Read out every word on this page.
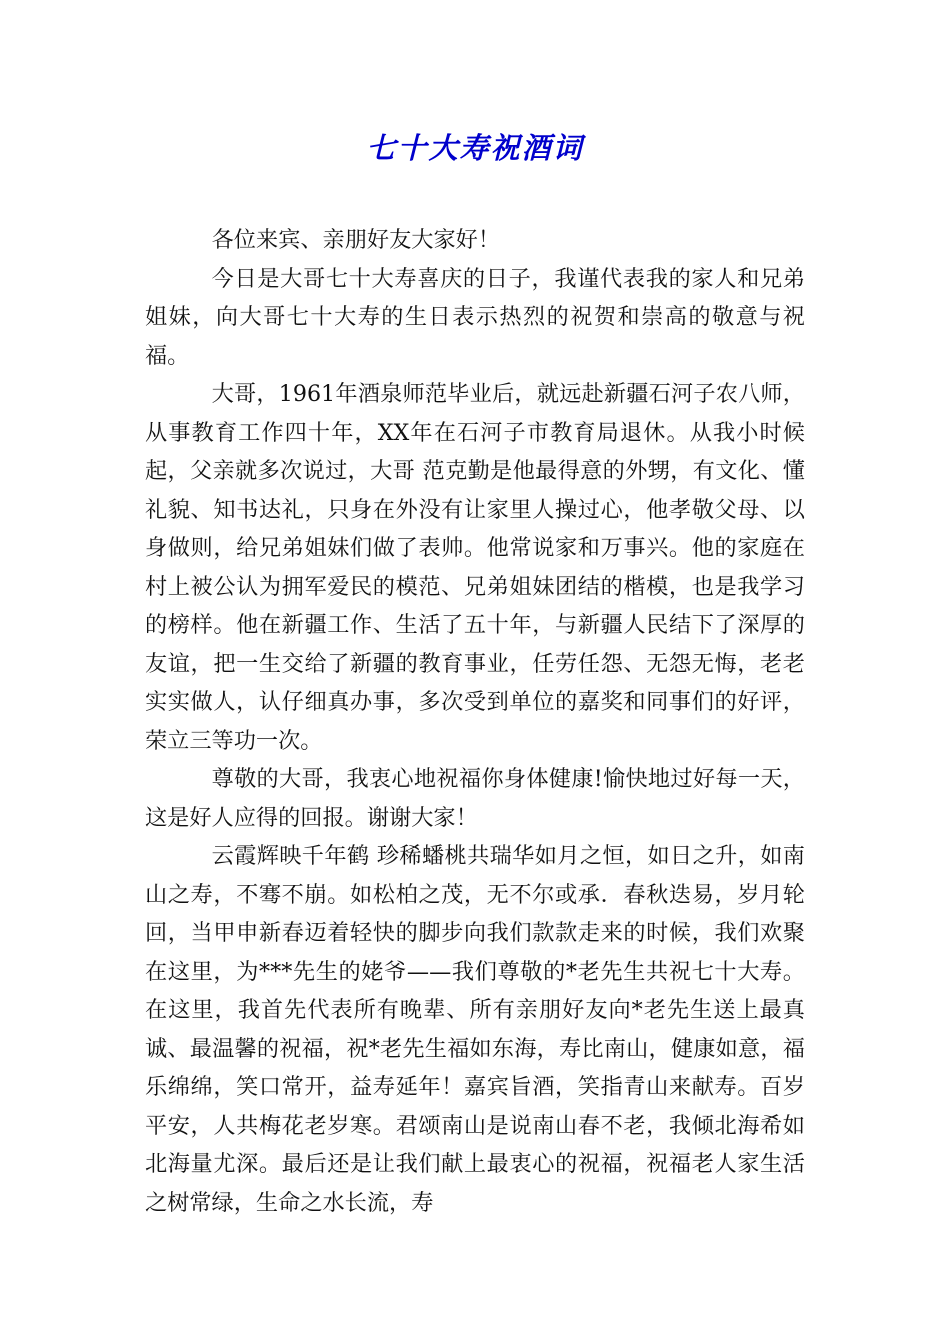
七十大寿祝酒词

各位来宾、亲朋好友大家好！

今日是大哥七十大寿喜庆的日子，我谨代表我的家人和兄弟姐妹，向大哥七十大寿的生日表示热烈的祝贺和崇高的敬意与祝福。

大哥，1961年酒泉师范毕业后，就远赴新疆石河子农八师，从事教育工作四十年，XX年在石河子市教育局退休。从我小时候起，父亲就多次说过，大哥 范克勤是他最得意的外甥，有文化、懂礼貌、知书达礼，只身在外没有让家里人操过心，他孝敬父母、以身做则，给兄弟姐妹们做了表帅。他常说家和万事兴。他的家庭在村上被公认为拥军爱民的模范、兄弟姐妹团结的楷模，也是我学习的榜样。他在新疆工作、生活了五十年，与新疆人民结下了深厚的友谊，把一生交给了新疆的教育事业，任劳任怨、无怨无悔，老老实实做人，认仔细真办事，多次受到单位的嘉奖和同事们的好评，荣立三等功一次。

尊敬的大哥，我衷心地祝福你身体健康!愉快地过好每一天，这是好人应得的回报。谢谢大家！

云霞辉映千年鹤 珍稀蟠桃共瑞华如月之恒，如日之升，如南山之寿，不骞不崩。如松柏之茂，无不尔或承．春秋迭易，岁月轮回，当甲申新春迈着轻快的脚步向我们款款走来的时候，我们欢聚在这里，为***先生的姥爷——我们尊敬的*老先生共祝七十大寿。在这里，我首先代表所有晚辈、所有亲朋好友向*老先生送上最真诚、最温馨的祝福，祝*老先生福如东海，寿比南山，健康如意，福乐绵绵，笑口常开，益寿延年！嘉宾旨酒，笑指青山来献寿。百岁平安，人共梅花老岁寒。君颂南山是说南山春不老，我倾北海希如北海量尤深。最后还是让我们献上最衷心的祝福，祝福老人家生活之树常绿，生命之水长流，寿
